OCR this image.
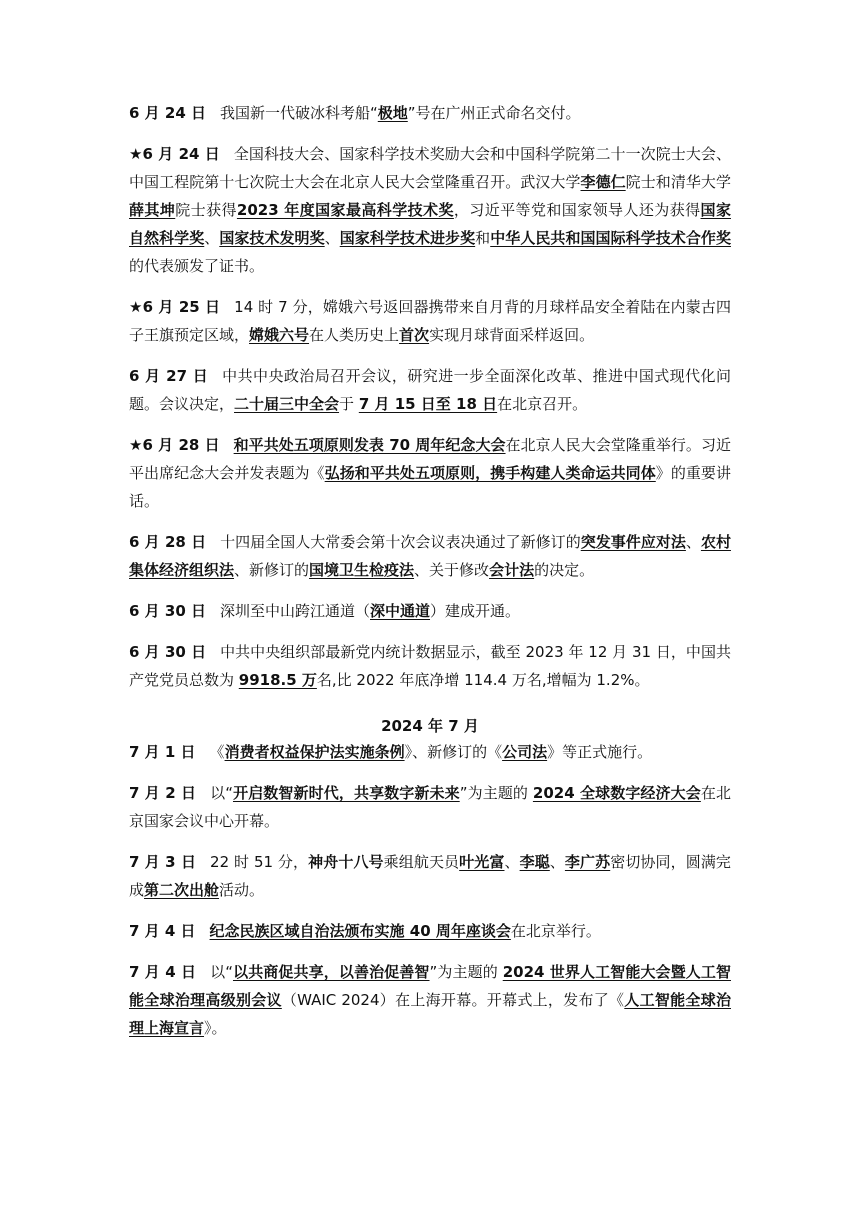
6 月 24 日 我国新一代破冰科考船“极地”号在广州正式命名交付。
★6 月 24 日 全国科技大会、国家科学技术奖励大会和中国科学院第二十一次院士大会、中国工程院第十七次院士大会在北京人民大会堂隆重召开。武汉大学李德仁院士和清华大学薛其坤院士获得2023 年度国家最高科学技术奖，习近平等党和国家领导人还为获得国家自然科学奖、国家技术发明奖、国家科学技术进步奖和中华人民共和国国际科学技术合作奖的代表颁发了证书。
★6 月 25 日 14 时 7 分，嫦娥六号返回器携带来自月背的月球样品安全着陆在内蒙古四子王旗预定区域，嫦娥六号在人类历史上首次实现月球背面采样返回。
6 月 27 日 中共中央政治局召开会议，研究进一步全面深化改革、推进中国式现代化问题。会议决定，二十届三中全会于 7 月 15 日至 18 日在北京召开。
★6 月 28 日 和平共处五项原则发表 70 周年纪念大会在北京人民大会堂隆重举行。习近平出席纪念大会并发表题为《弘扬和平共处五项原则，携手构建人类命运共同体》的重要讲话。
6 月 28 日 十四届全国人大常委会第十次会议表决通过了新修订的突发事件应对法、农村集体经济组织法、新修订的国境卫生检疫法、关于修改会计法的决定。
6 月 30 日 深圳至中山跨江通道（深中通道）建成开通。
6 月 30 日 中共中央组织部最新党内统计数据显示，截至 2023 年 12 月 31 日，中国共产党党员总数为 9918.5 万名,比 2022 年底净增 114.4 万名,增幅为 1.2%。
2024 年 7 月
7 月 1 日 《消费者权益保护法实施条例》、新修订的《公司法》等正式施行。
7 月 2 日 以“开启数智新时代，共享数字新未来”为主题的 2024 全球数字经济大会在北京国家会议中心开幕。
7 月 3 日 22 时 51 分，神舟十八号乘组航天员叶光富、李聪、李广苏密切协同，圆满完成第二次出舱活动。
7 月 4 日 纪念民族区域自治法颁布实施 40 周年座谈会在北京举行。
7 月 4 日 以“以共商促共享，以善治促善智”为主题的 2024 世界人工智能大会暨人工智能全球治理高级别会议（WAIC 2024）在上海开幕。开幕式上，发布了《人工智能全球治理上海宣言》。
